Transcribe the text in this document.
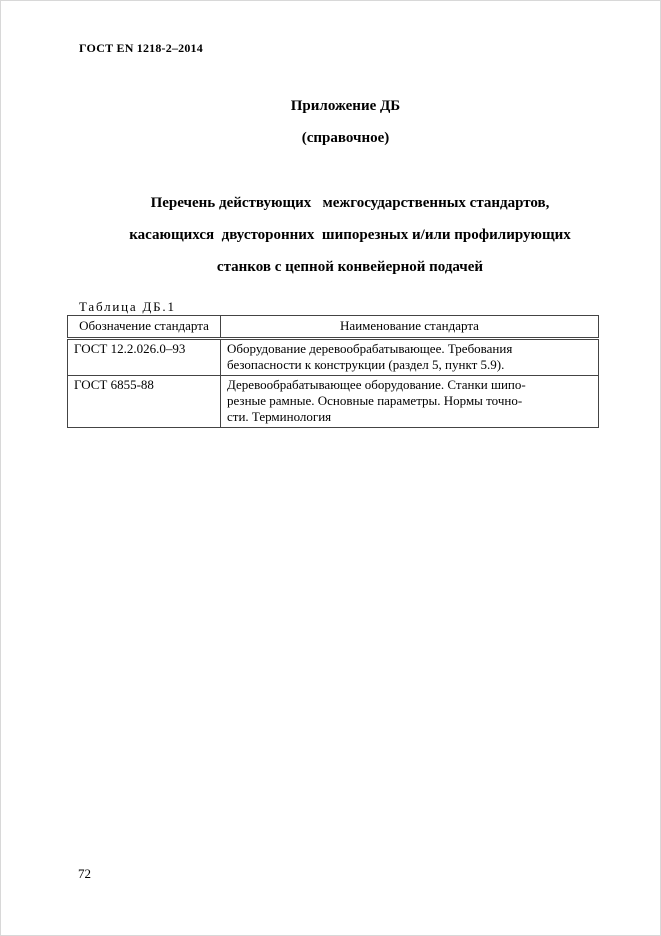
ГОСТ EN 1218-2–2014
Приложение ДБ
(справочное)
Перечень действующих   межгосударственных стандартов,
касающихся  двусторонних  шипорезных и/или профилирующих
станков с цепной конвейерной подачей
Таблица ДБ.1
Обозначение стандарта	Наименование стандарта
ГОСТ 12.2.026.0–93	Оборудование деревообрабатывающее. Требования
безопасности к конструкции (раздел 5, пункт 5.9).

ГОСТ 6855-88	Деревообрабатывающее оборудование. Станки шипо-
резные рамные. Основные параметры. Нормы точно-
сти. Терминология
72
